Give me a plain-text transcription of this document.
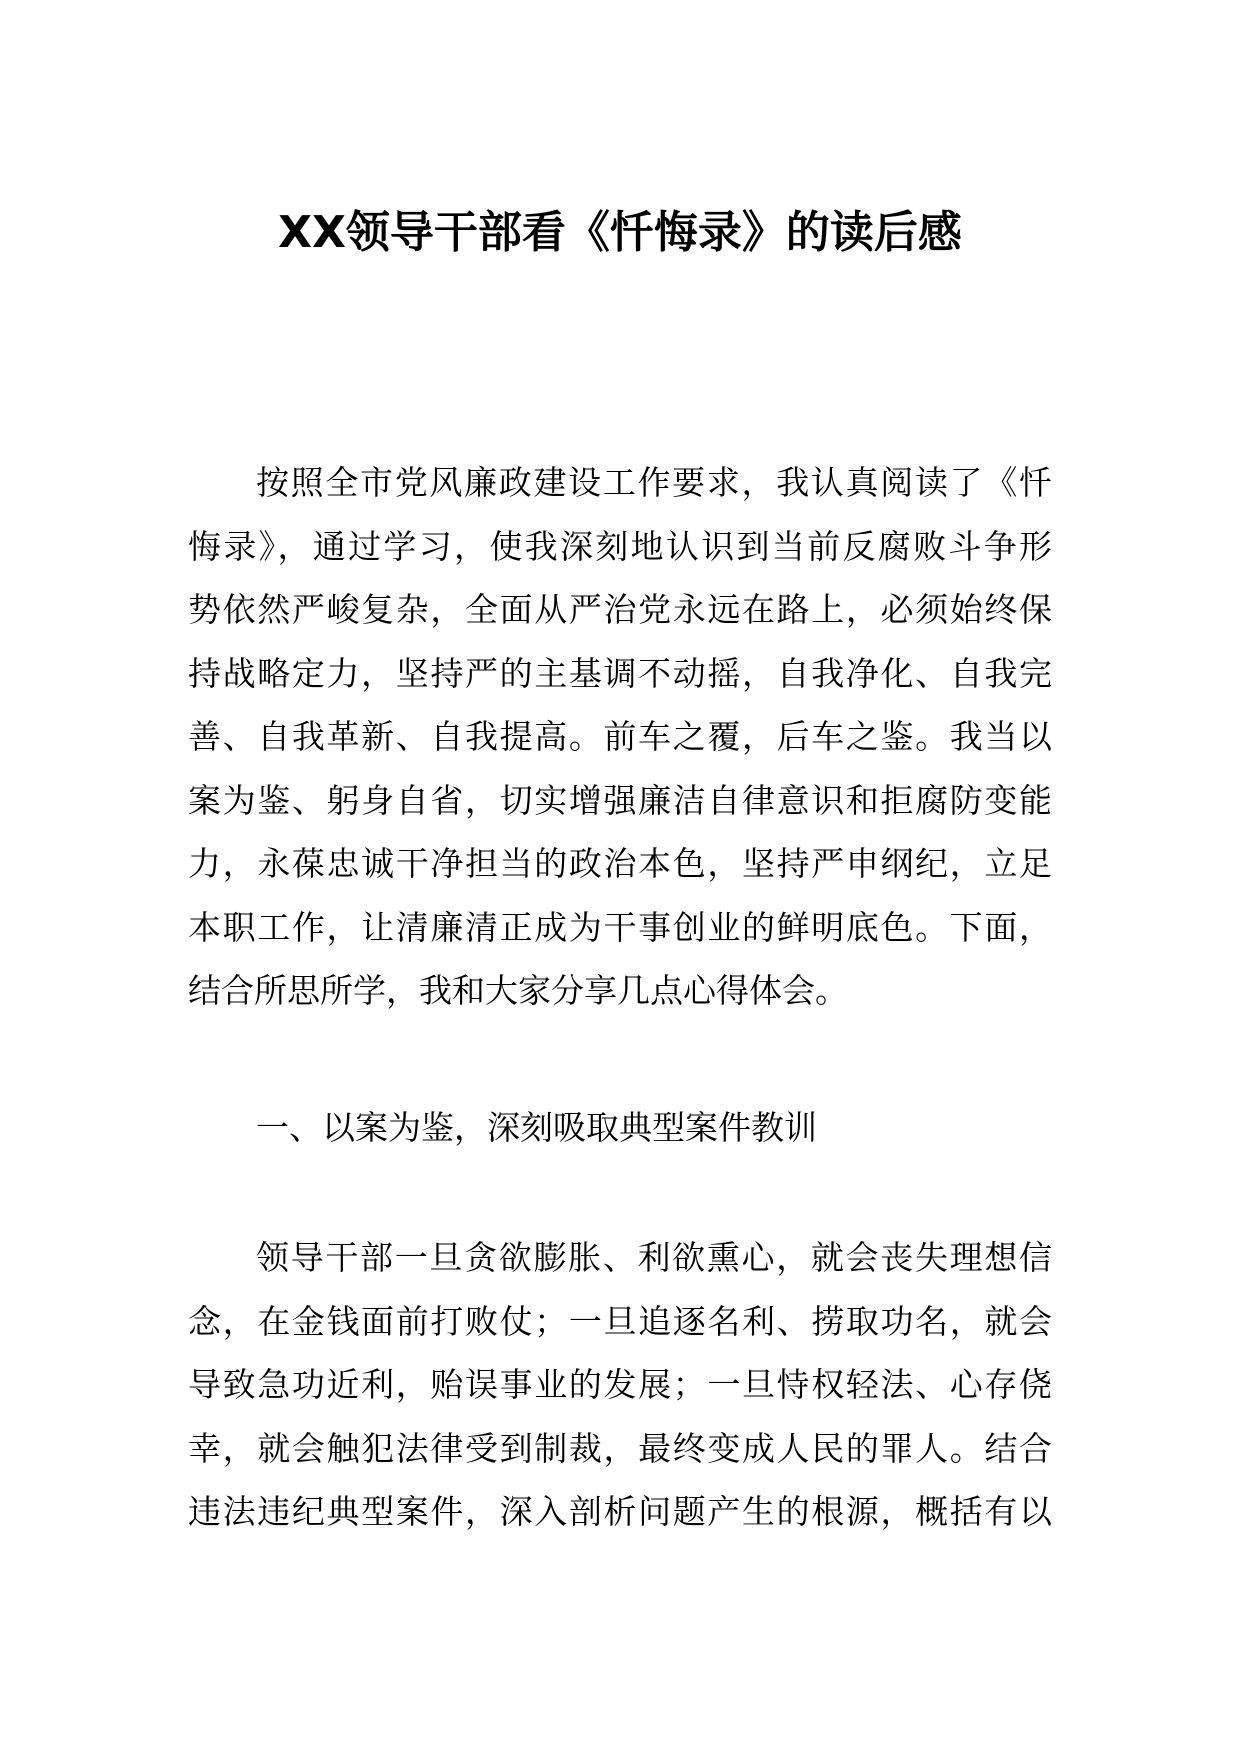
XX领导干部看《忏悔录》的读后感
按照全市党风廉政建设工作要求，我认真阅读了《忏
悔录》，通过学习，使我深刻地认识到当前反腐败斗争形
势依然严峻复杂，全面从严治党永远在路上，必须始终保
持战略定力，坚持严的主基调不动摇，自我净化、自我完
善、自我革新、自我提高。前车之覆，后车之鉴。我当以
案为鉴、躬身自省，切实增强廉洁自律意识和拒腐防变能
力，永葆忠诚干净担当的政治本色，坚持严申纲纪，立足
本职工作，让清廉清正成为干事创业的鲜明底色。下面，
结合所思所学，我和大家分享几点心得体会。
一、以案为鉴，深刻吸取典型案件教训
领导干部一旦贪欲膨胀、利欲熏心，就会丧失理想信
念，在金钱面前打败仗；一旦追逐名利、捞取功名，就会
导致急功近利，贻误事业的发展；一旦恃权轻法、心存侥
幸，就会触犯法律受到制裁，最终变成人民的罪人。结合
违法违纪典型案件，深入剖析问题产生的根源，概括有以
